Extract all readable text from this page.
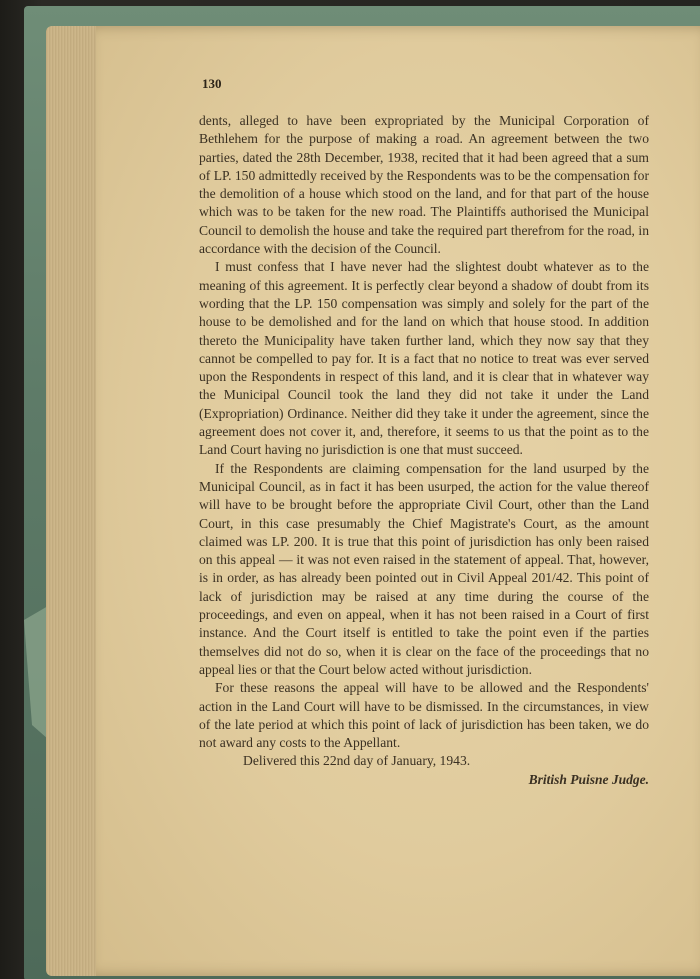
130

dents, alleged to have been expropriated by the Municipal Corporation of Bethlehem for the purpose of making a road. An agreement between the two parties, dated the 28th December, 1938, recited that it had been agreed that a sum of LP. 150 admittedly received by the Respondents was to be the compensation for the demolition of a house which stood on the land, and for that part of the house which was to be taken for the new road. The Plaintiffs authorised the Municipal Council to demolish the house and take the required part therefrom for the road, in accordance with the decision of the Council.

I must confess that I have never had the slightest doubt whatever as to the meaning of this agreement. It is perfectly clear beyond a shadow of doubt from its wording that the LP. 150 compensation was simply and solely for the part of the house to be demolished and for the land on which that house stood. In addition thereto the Municipality have taken further land, which they now say that they cannot be compelled to pay for. It is a fact that no notice to treat was ever served upon the Respondents in respect of this land, and it is clear that in whatever way the Municipal Council took the land they did not take it under the Land (Expropriation) Ordinance. Neither did they take it under the agreement, since the agreement does not cover it, and, therefore, it seems to us that the point as to the Land Court having no jurisdiction is one that must succeed.

If the Respondents are claiming compensation for the land usurped by the Municipal Council, as in fact it has been usurped, the action for the value thereof will have to be brought before the appropriate Civil Court, other than the Land Court, in this case presumably the Chief Magistrate's Court, as the amount claimed was LP. 200. It is true that this point of jurisdiction has only been raised on this appeal — it was not even raised in the statement of appeal. That, however, is in order, as has already been pointed out in Civil Appeal 201/42. This point of lack of jurisdiction may be raised at any time during the course of the proceedings, and even on appeal, when it has not been raised in a Court of first instance. And the Court itself is entitled to take the point even if the parties themselves did not do so, when it is clear on the face of the proceedings that no appeal lies or that the Court below acted without jurisdiction.

For these reasons the appeal will have to be allowed and the Respondents' action in the Land Court will have to be dismissed. In the circumstances, in view of the late period at which this point of lack of jurisdiction has been taken, we do not award any costs to the Appellant.

Delivered this 22nd day of January, 1943.

British Puisne Judge.
